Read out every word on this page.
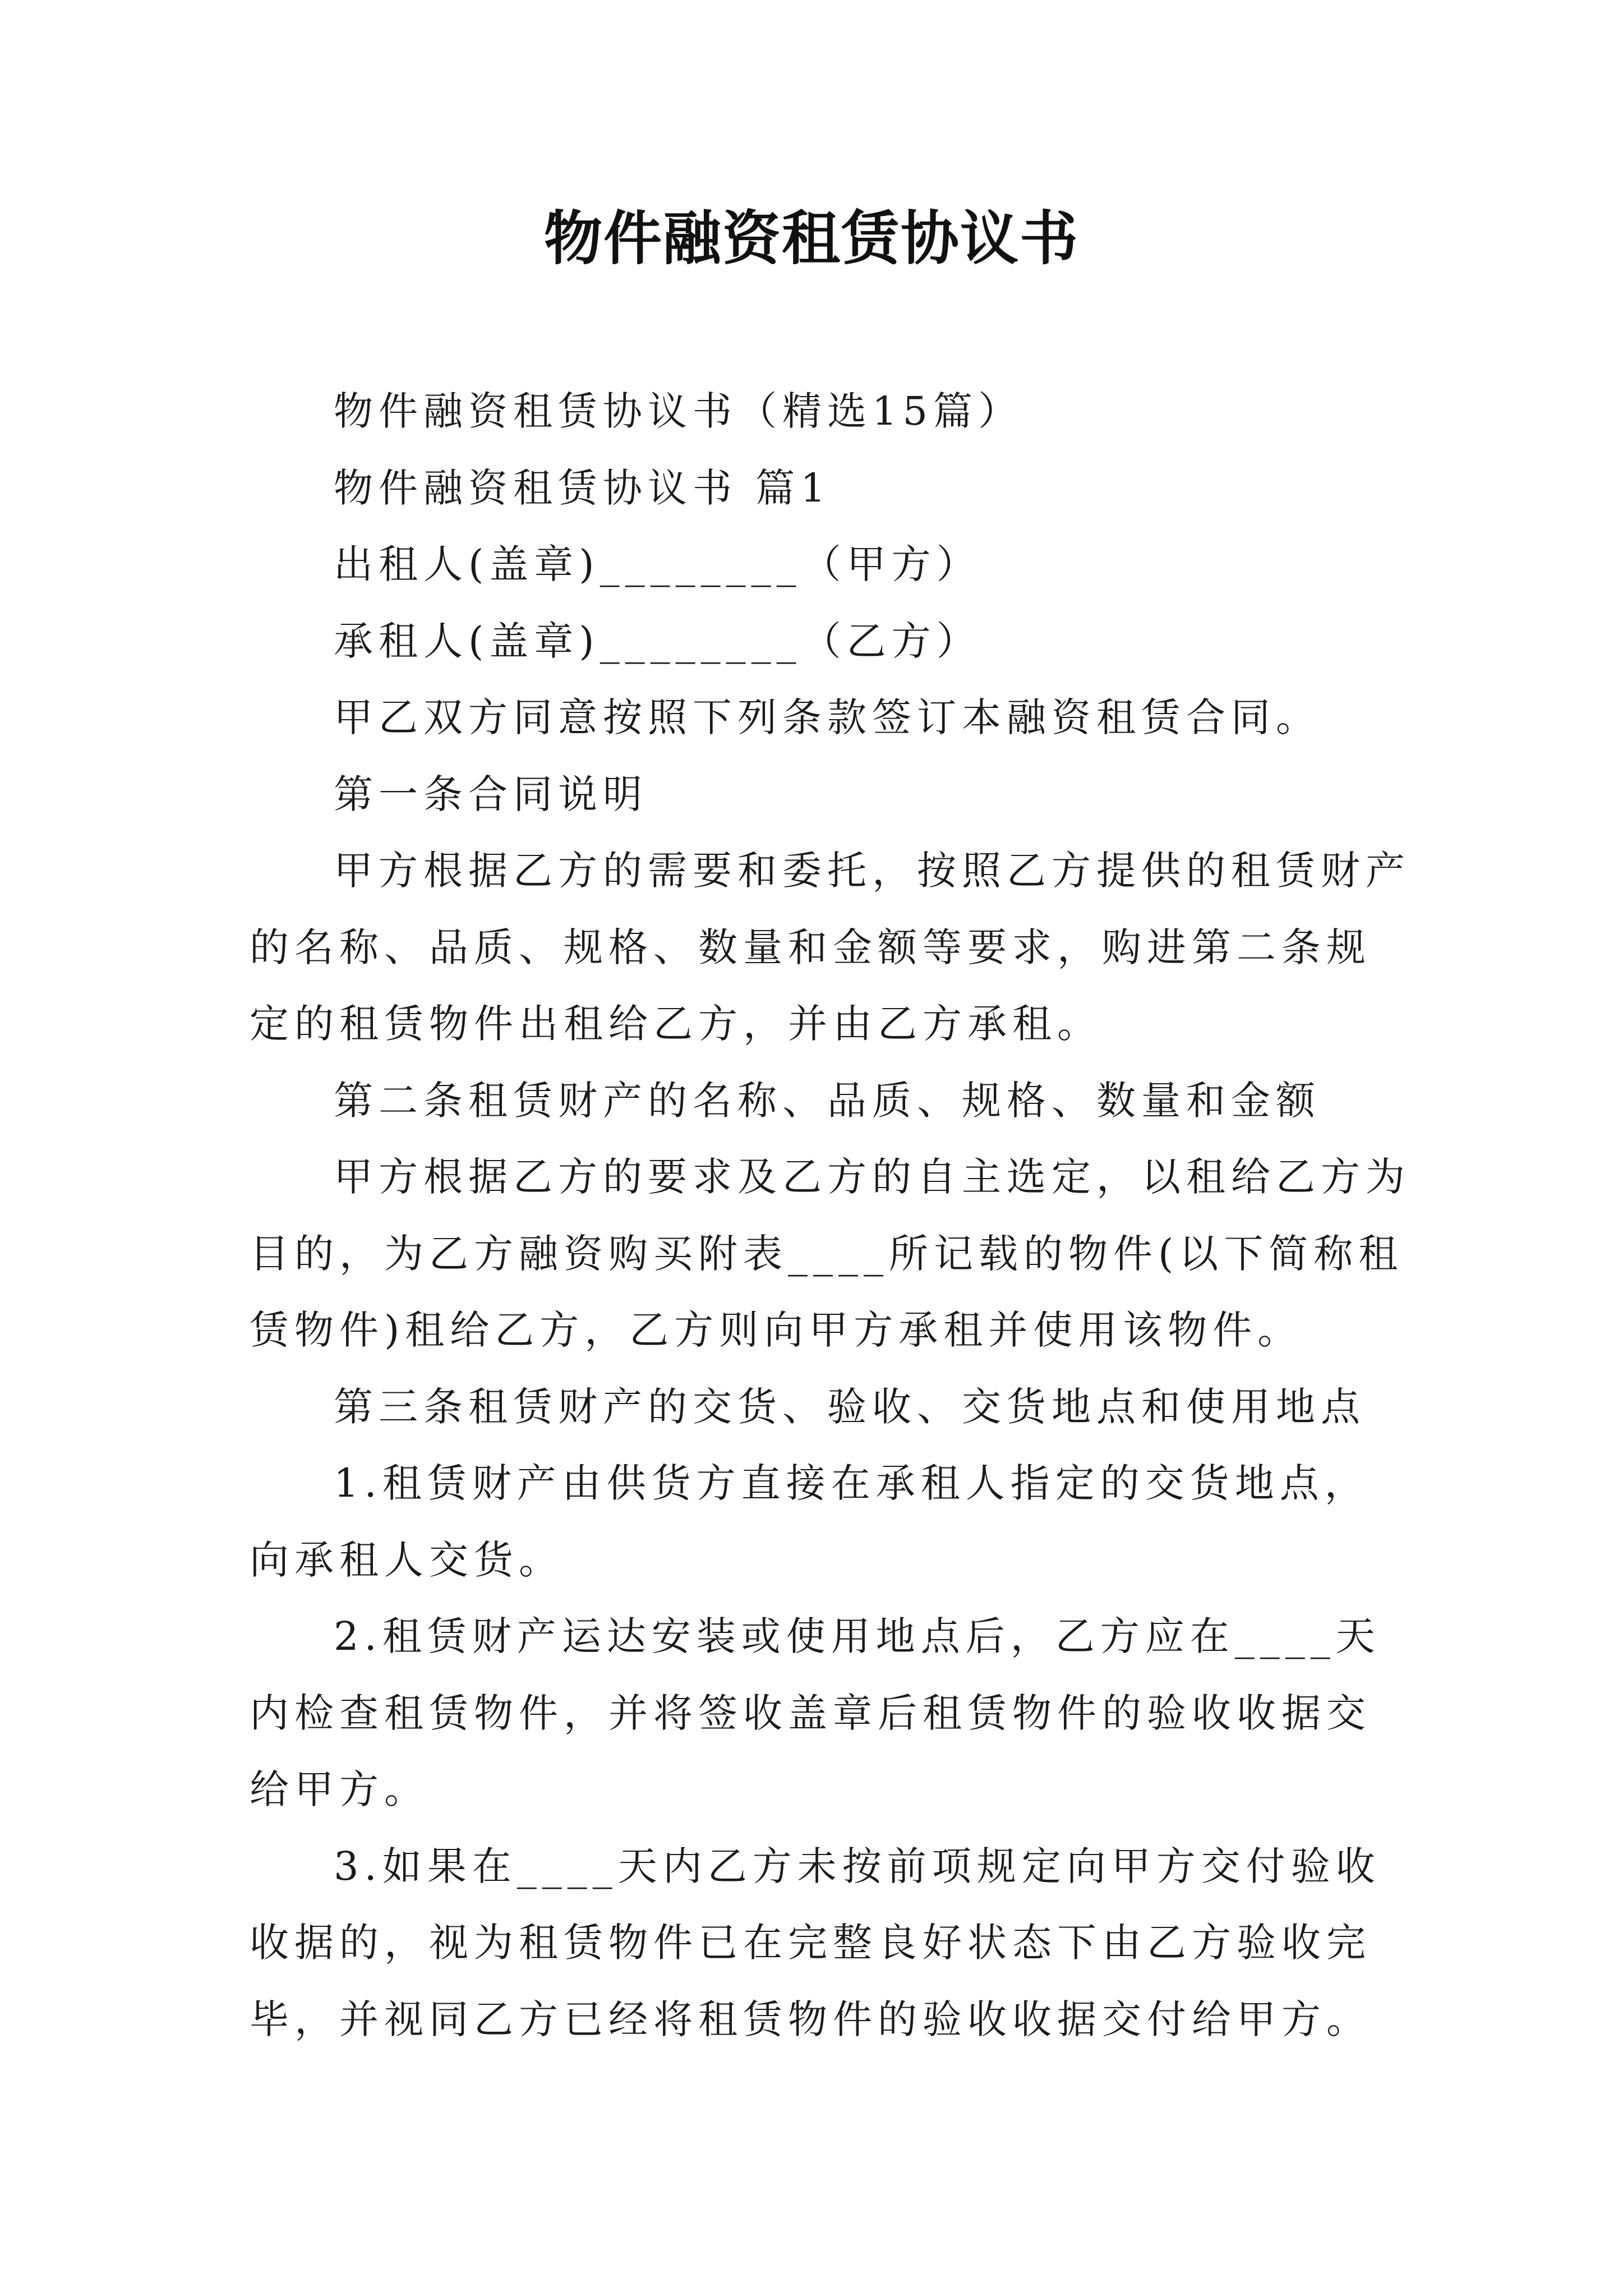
物件融资租赁协议书

物件融资租赁协议书（精选15篇）

物件融资租赁协议书 篇1

出租人(盖章)________（甲方）

承租人(盖章)________（乙方）

甲乙双方同意按照下列条款签订本融资租赁合同。

第一条合同说明

甲方根据乙方的需要和委托，按照乙方提供的租赁财产的名称、品质、规格、数量和金额等要求，购进第二条规定的租赁物件出租给乙方，并由乙方承租。

第二条租赁财产的名称、品质、规格、数量和金额

甲方根据乙方的要求及乙方的自主选定，以租给乙方为目的，为乙方融资购买附表____所记载的物件(以下简称租赁物件)租给乙方，乙方则向甲方承租并使用该物件。

第三条租赁财产的交货、验收、交货地点和使用地点

1.租赁财产由供货方直接在承租人指定的交货地点，向承租人交货。

2.租赁财产运达安装或使用地点后，乙方应在____天内检查租赁物件，并将签收盖章后租赁物件的验收收据交给甲方。

3.如果在____天内乙方未按前项规定向甲方交付验收收据的，视为租赁物件已在完整良好状态下由乙方验收完毕，并视同乙方已经将租赁物件的验收收据交付给甲方。
